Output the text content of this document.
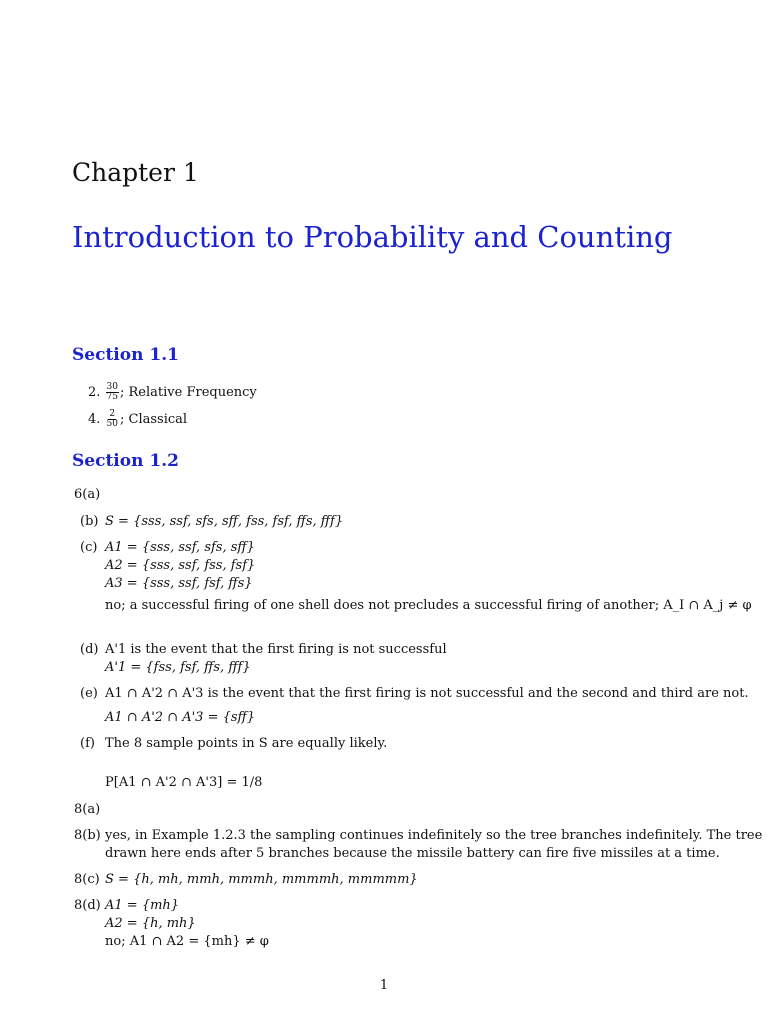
Chapter 1
Introduction to Probability and Counting
Section 1.1
2. $\frac{30}{75}$ ; Relative Frequency
4. $\frac{2}{50}$ ; Classical
Section 1.2
6(a)
(b) S = {sss, ssf, sfs, sff, fss, fsf, ffs, fff}
(c) A1 = {sss, ssf, sfs, sff}
A2 = {sss, ssf, fss, fsf}
A3 = {sss, ssf, fsf, ffs}
no; a successful firing of one shell does not precludes a successful firing of another; A_I ∩ A_j ≠ φ
(d) A'1 is the event that the first firing is not successful
A'1 = {fss, fsf, ffs, fff}
(e) A1 ∩ A'2 ∩ A'3 is the event that the first firing is not successful and the second and third are not.
A1 ∩ A'2 ∩ A'3 = {sff}
(f) The 8 sample points in S are equally likely.
P[A1 ∩ A'2 ∩ A'3] = 1/8
8(a)
8(b) yes, in Example 1.2.3 the sampling continues indefinitely so the tree branches indefinitely. The tree
drawn here ends after 5 branches because the missile battery can fire five missiles at a time.
8(c) S = {h, mh, mmh, mmmh, mmmmh, mmmmm}
8(d) A1 = {mh}
A2 = {h, mh}
no; A1 ∩ A2 = {mh} ≠ φ
1
